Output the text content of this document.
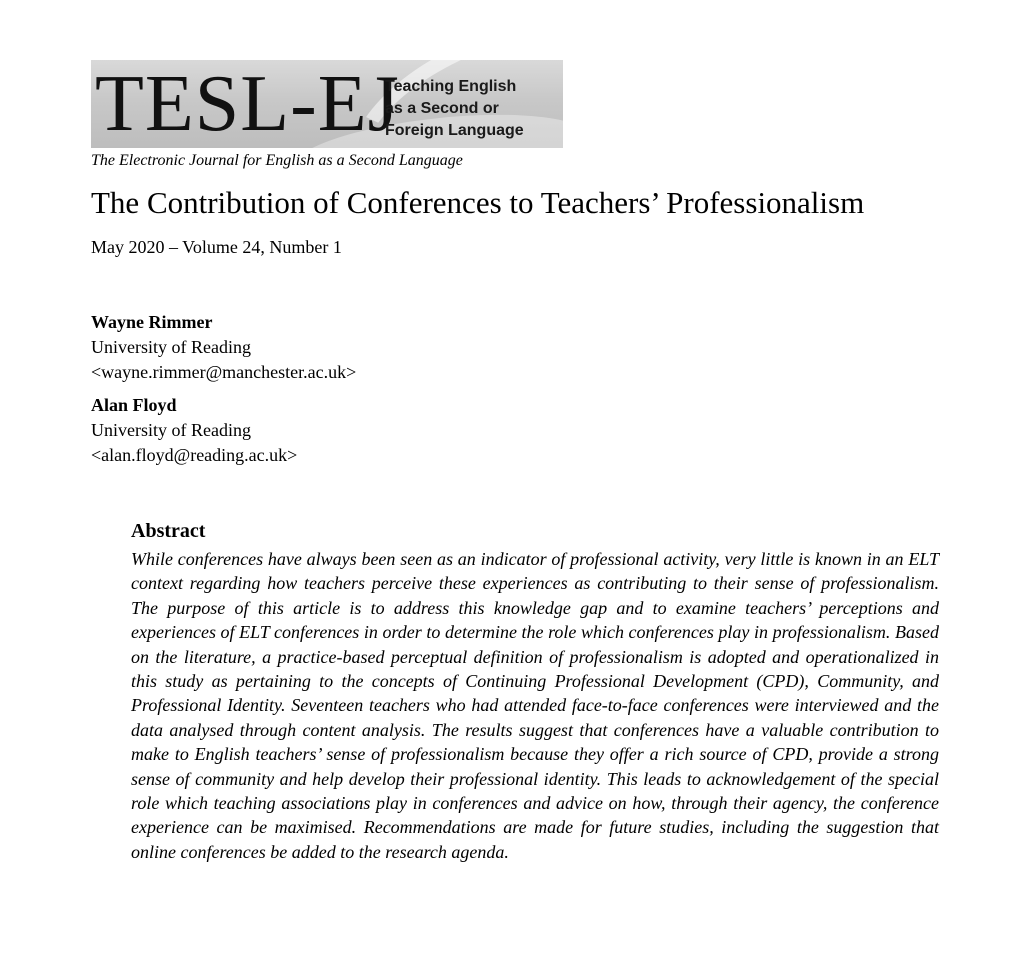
TESL-EJ
Teaching English
as a Second or
Foreign Language
The Electronic Journal for English as a Second Language
The Contribution of Conferences to Teachers’ Professionalism
May 2020 – Volume 24, Number 1
Wayne Rimmer
University of Reading
<wayne.rimmer@manchester.ac.uk>
Alan Floyd
University of Reading
<alan.floyd@reading.ac.uk>
Abstract

While conferences have always been seen as an indicator of professional activity, very little is known in an ELT context regarding how teachers perceive these experiences as contributing to their sense of professionalism. The purpose of this article is to address this knowledge gap and to examine teachers’ perceptions and experiences of ELT conferences in order to determine the role which conferences play in professionalism. Based on the literature, a practice-based perceptual definition of professionalism is adopted and operationalized in this study as pertaining to the concepts of Continuing Professional Development (CPD), Community, and Professional Identity. Seventeen teachers who had attended face-to-face conferences were interviewed and the data analysed through content analysis. The results suggest that conferences have a valuable contribution to make to English teachers’ sense of professionalism because they offer a rich source of CPD, provide a strong sense of community and help develop their professional identity. This leads to acknowledgement of the special role which teaching associations play in conferences and advice on how, through their agency, the conference experience can be maximised. Recommendations are made for future studies, including the suggestion that online conferences be added to the research agenda.
